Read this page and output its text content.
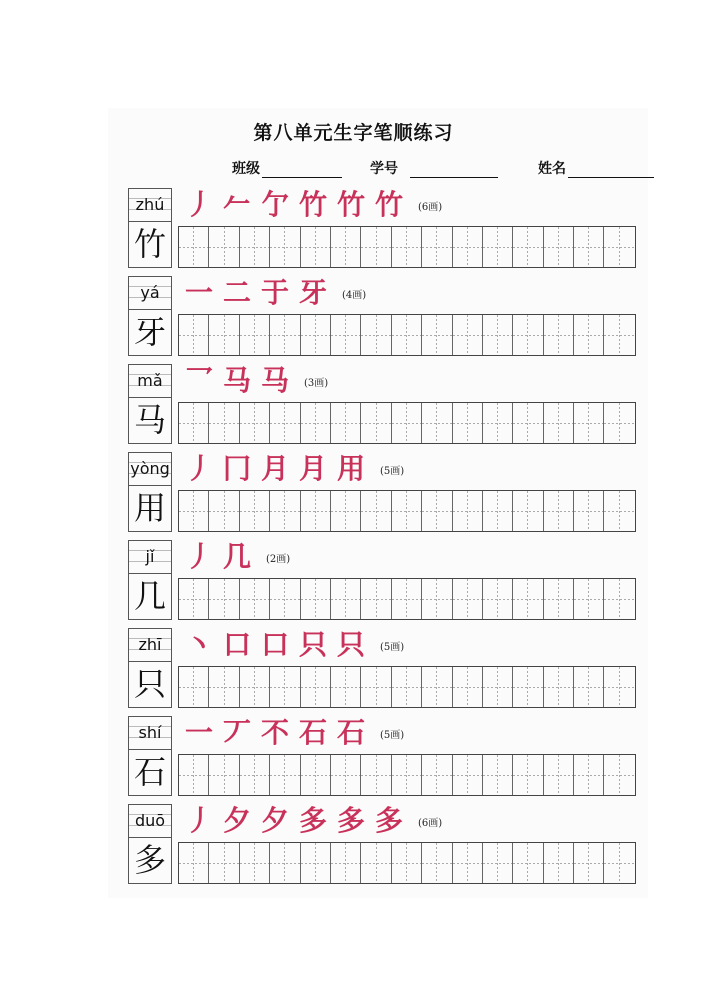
第八单元生字笔顺练习
班级	学号	姓名
zhú
竹
丿 𠂉 亇 竹 竹 竹	(6画)
yá
牙
一 二 于 牙	(4画)
mǎ
马
乛 马 马	(3画)
yòng
用
丿 冂 月 月 用	(5画)
jǐ
几
丿 几	(2画)
zhī
只
丶 口 口 只 只	(5画)
shí
石
一 丆 不 石 石	(5画)
duō
多
丿 夕 夕 多 多 多	(6画)
